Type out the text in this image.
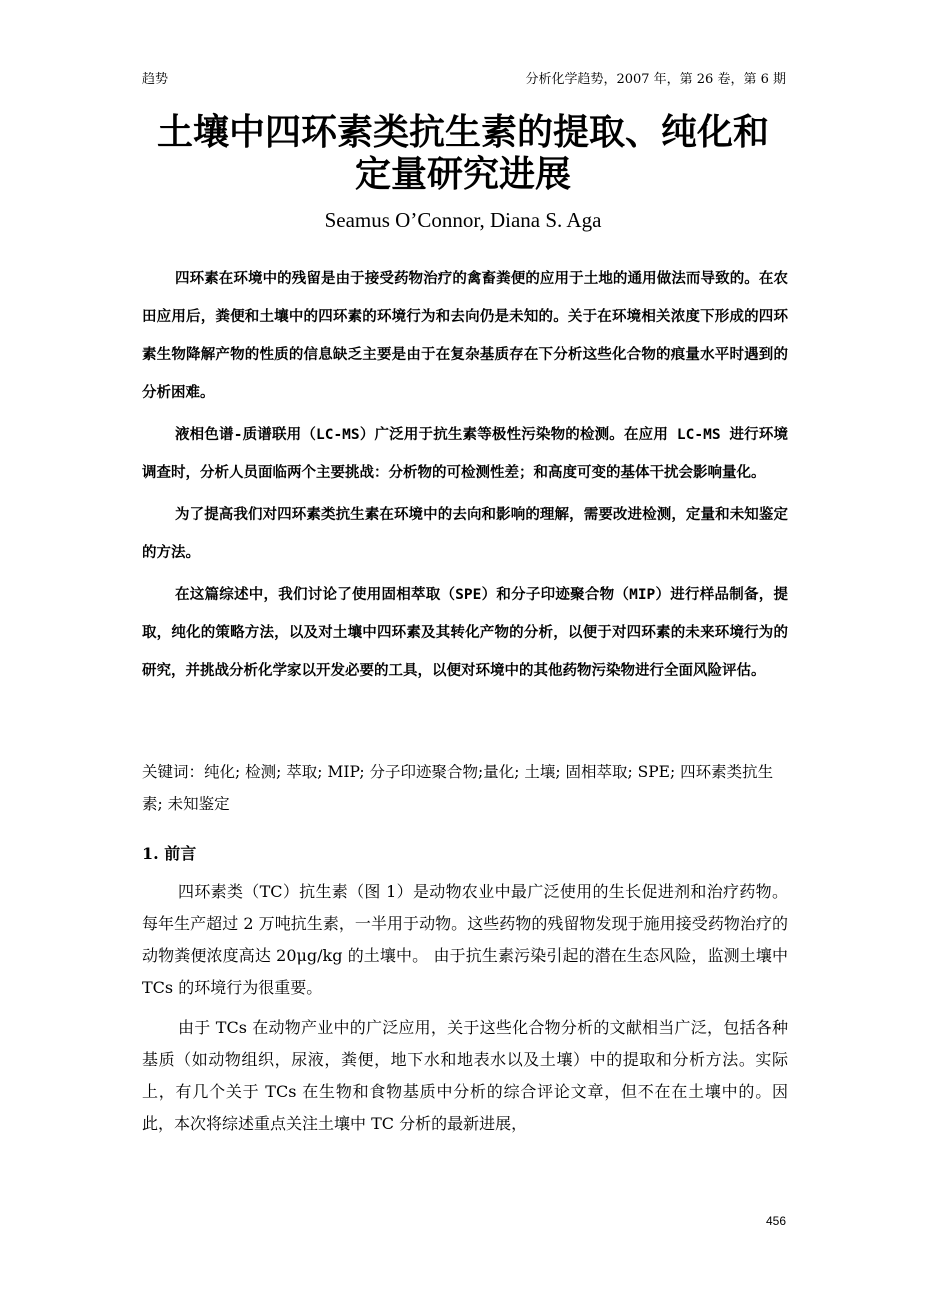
趋势	分析化学趋势，2007 年，第 26 卷，第 6 期
土壤中四环素类抗生素的提取、纯化和
定量研究进展
Seamus O’Connor, Diana S. Aga

四环素在环境中的残留是由于接受药物治疗的禽畜粪便的应用于土地的通用做法而导致的。在农田应用后，粪便和土壤中的四环素的环境行为和去向仍是未知的。关于在环境相关浓度下形成的四环素生物降解产物的性质的信息缺乏主要是由于在复杂基质存在下分析这些化合物的痕量水平时遇到的分析困难。

液相色谱-质谱联用（LC-MS）广泛用于抗生素等极性污染物的检测。在应用 LC-MS 进行环境调查时，分析人员面临两个主要挑战：分析物的可检测性差；和高度可变的基体干扰会影响量化。

为了提高我们对四环素类抗生素在环境中的去向和影响的理解，需要改进检测，定量和未知鉴定的方法。

在这篇综述中，我们讨论了使用固相萃取（SPE）和分子印迹聚合物（MIP）进行样品制备，提取，纯化的策略方法，以及对土壤中四环素及其转化产物的分析，以便于对四环素的未来环境行为的研究，并挑战分析化学家以开发必要的工具，以便对环境中的其他药物污染物进行全面风险评估。

关键词：纯化; 检测; 萃取; MIP; 分子印迹聚合物;量化; 土壤; 固相萃取; SPE; 四环素类抗生素; 未知鉴定
1. 前言

四环素类（TC）抗生素（图 1）是动物农业中最广泛使用的生长促进剂和治疗药物。每年生产超过 2 万吨抗生素，一半用于动物。这些药物的残留物发现于施用接受药物治疗的动物粪便浓度高达 20μg/kg 的土壤中。 由于抗生素污染引起的潜在生态风险，监测土壤中 TCs 的环境行为很重要。

由于 TCs 在动物产业中的广泛应用，关于这些化合物分析的文献相当广泛，包括各种基质（如动物组织，尿液，粪便，地下水和地表水以及土壤）中的提取和分析方法。实际上，有几个关于 TCs 在生物和食物基质中分析的综合评论文章，但不在在土壤中的。因此，本次将综述重点关注土壤中 TC 分析的最新进展，

456
